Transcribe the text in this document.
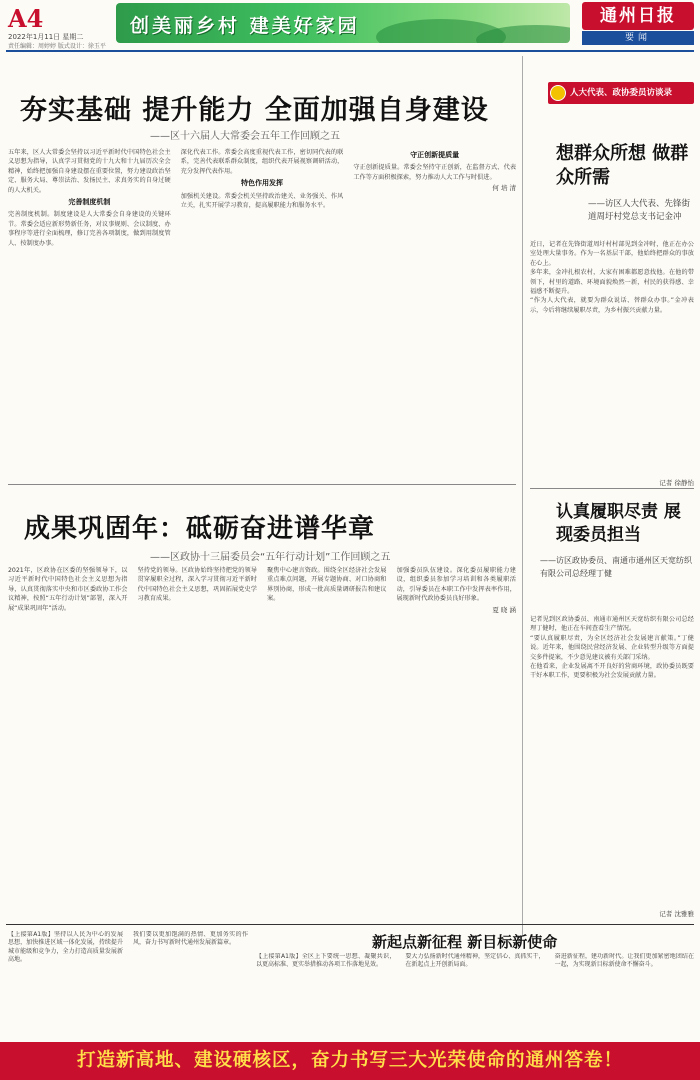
A4
2022年1月11日 星期二
责任编辑：周婷婷 版式设计：徐玉平
创美丽乡村 建美好家园	通州日报
要闻
夯实基础 提升能力 全面加强自身建设
——区十六届人大常委会五年工作回顾之五

五年来，区人大常委会坚持以习近平新时代中国特色社会主义思想为指导，认真学习贯彻党的十九大和十九届历次全会精神，始终把加强自身建设摆在重要位置，努力建设政治坚定、服务大局、尊崇法治、发扬民主、求真务实的自身过硬的人大机关。

完善制度机制

完善制度机制。制度建设是人大常委会自身建设的关键环节。常委会适应新形势新任务，对议事规则、会议制度、办事程序等进行全面梳理，修订完善各项制度，做到用制度管人、按制度办事。

深化代表工作。常委会高度重视代表工作，密切同代表的联系，完善代表联系群众制度，组织代表开展视察调研活动，充分发挥代表作用。

特色作用发挥

加强机关建设。常委会机关坚持政治建关、业务强关、作风立关，扎实开展学习教育，提高履职能力和服务水平。

守正创新提质量

守正创新提质量。常委会坚持守正创新，在监督方式、代表工作等方面积极探索，努力推动人大工作与时俱进。

何 培 清
成果巩固年：砥砺奋进谱华章
——区政协十三届委员会“五年行动计划”工作回顾之五

2021年，区政协在区委的坚强领导下，以习近平新时代中国特色社会主义思想为指导，认真贯彻落实中央和市区委政协工作会议精神，按照“五年行动计划”部署，深入开展“成果巩固年”活动。

坚持党的领导。区政协始终坚持把党的领导贯穿履职全过程，深入学习贯彻习近平新时代中国特色社会主义思想，巩固拓展党史学习教育成果。

聚焦中心建言资政。围绕全区经济社会发展重点难点问题，开展专题协商、对口协商和界别协商，形成一批高质量调研报告和建议案。

加强委员队伍建设。深化委员履职能力建设，组织委员参加学习培训和各类履职活动，引导委员在本职工作中发挥表率作用，展现新时代政协委员良好形象。

夏 晓 涵
人大代表、政协委员访谈录
想群众所想 做群众所需
——访区人大代表、先锋街道周圩村党总支书记金冲

近日，记者在先锋街道周圩村村部见到金冲时，他正在办公室处理大量事务。作为一名基层干部，他始终把群众的事放在心上。

多年来，金冲扎根农村，大家有困难都愿意找他。在他的带领下，村里的道路、环境面貌焕然一新，村民的获得感、幸福感不断提升。

“作为人大代表，就要为群众说话、替群众办事。”金冲表示，今后将继续履职尽责，为乡村振兴贡献力量。

记者 徐静怡
认真履职尽责 展现委员担当
——访区政协委员、南通市通州区天宽纺织有限公司总经理丁健

记者见到区政协委员、南通市通州区天宽纺织有限公司总经理丁健时，他正在车间查看生产情况。

“要认真履职尽责，为全区经济社会发展建言献策。”丁健说。近年来，他围绕民营经济发展、企业转型升级等方面提交多件提案，不少意见建议被有关部门采纳。

在他看来，企业发展离不开良好的营商环境，政协委员既要干好本职工作，更要积极为社会发展贡献力量。

记者 沈雅雅

【上接第A1版】坚持以人民为中心的发展思想，加快推进区域一体化发展，持续提升城市能级和竞争力，全力打造高质量发展新高地。

我们要以更加饱满的热情、更加务实的作风，奋力书写新时代通州发展新篇章。	新起点新征程 新目标新使命

【上接第A1版】全区上下要统一思想、凝聚共识，以更高标准、更实举措推动各项工作落地见效。

要大力弘扬新时代通州精神，坚定信心、真抓实干，在新起点上开创新局面。

奋进新征程，建功新时代。让我们更加紧密地团结在一起，为实现新目标新使命不懈奋斗。

打造新高地、建设硬核区，奋力书写三大光荣使命的通州答卷！
